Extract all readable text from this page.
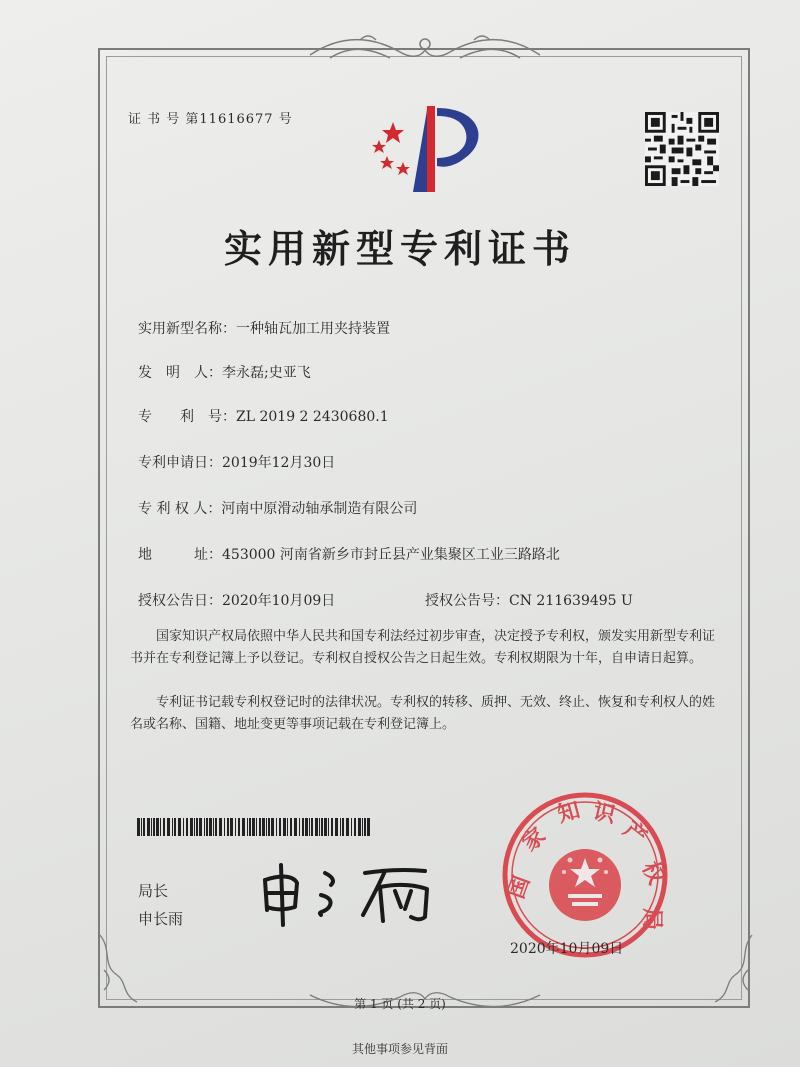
证 书 号 第11616677 号
实用新型专利证书
实用新型名称：一种轴瓦加工用夹持装置
发　明　人：李永磊;史亚飞
专　　利　号：ZL 2019 2 2430680.1
专利申请日：2019年12月30日
专 利 权 人：河南中原滑动轴承制造有限公司
地　　　址：453000 河南省新乡市封丘县产业集聚区工业三路路北
授权公告日：2020年10月09日	授权公告号：CN 211639495 U
国家知识产权局依照中华人民共和国专利法经过初步审查，决定授予专利权，颁发实用新型专利证书并在专利登记簿上予以登记。专利权自授权公告之日起生效。专利权期限为十年，自申请日起算。
专利证书记载专利权登记时的法律状况。专利权的转移、质押、无效、终止、恢复和专利权人的姓名或名称、国籍、地址变更等事项记载在专利登记簿上。
局长
申长雨
国
家
知 识
产
权
局
2020年10月09日
第 1 页 (共 2 页)
其他事项参见背面
